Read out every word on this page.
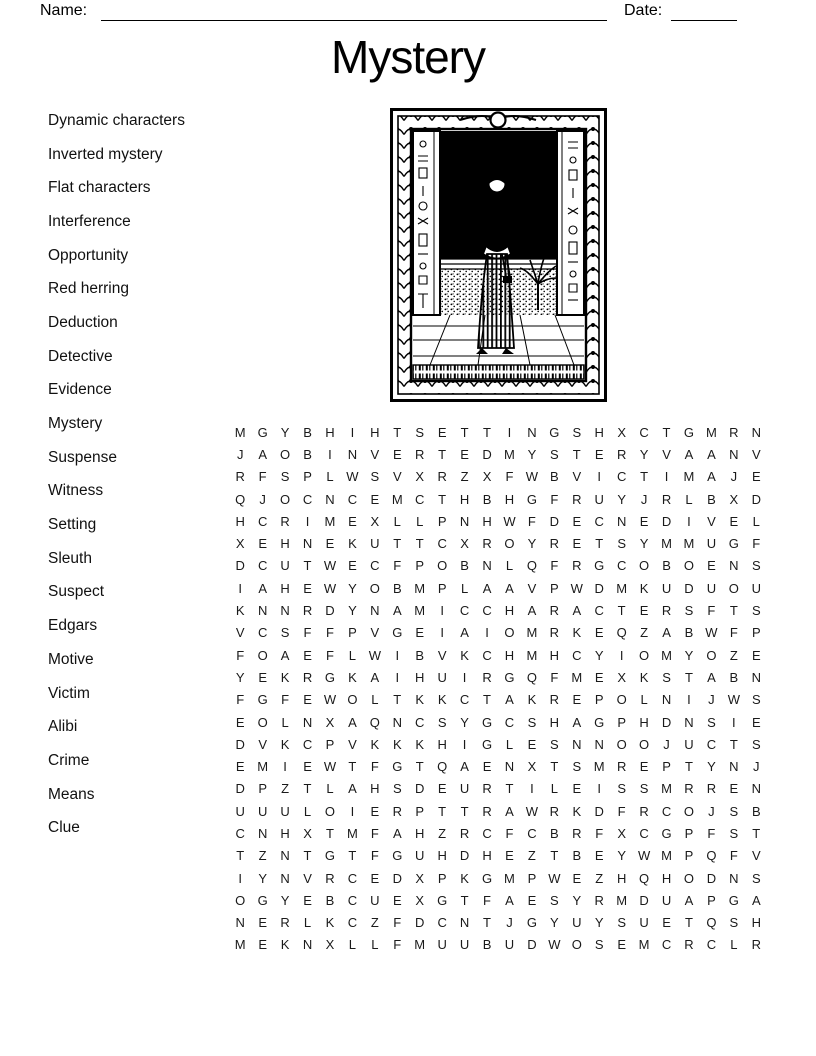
Name:	Date:
Mystery
Dynamic characters
Inverted mystery
Flat characters
Interference
Opportunity
Red herring
Deduction
Detective
Evidence
Mystery
Suspense
Witness
Setting
Sleuth
Suspect
Edgars
Motive
Victim
Alibi
Crime
Means
Clue
M G	Y	B	H	I	H	T	S	E	T	T	I	N G	S	H	X	C	T	G M R	N
J	A	O	B	I	N	V	E	R	T	E	D M Y	S	T	E	R	Y	V	A	A	N	V
R	F	S	P	L W S	V	X	R	Z	X	F W B	V	I	C	T	I	M A	J	E
Q	J	O C	N	C	E M C	T	H	B	H G	F	R	U	Y	J	R	L	B	X	D
H	C	R	I	M E	X	L	L	P	N	H W F	D	E	C	N	E	D	I	V	E	L
X	E	H	N	E	K	U	T	T	C	X	R O	Y	R	E	T	S	Y M M U G	F
D	C	U	T W E	C	F	P	O	B	N	L	Q	F	R G C O	B	O	E	N	S
I	A	H	E W Y	O	B M P	L	A	A	V	P W D M K	U	D	U O U
K	N	N	R	D	Y	N	A M	I	C	C	H	A	R	A	C	T	E	R	S	F	T	S
V	C	S	F	F	P	V	G	E	I	A	I	O M R	K	E	Q	Z	A	B W F	P
F	O	A	E	F	L W	I	B	V	K	C	H M H	C	Y	I	O M Y	O	Z	E
Y	E	K	R G	K	A	I	H	U	I	R G Q	F	M E	X	K	S	T	A	B	N
F	G	F	E W O	L	T	K	K	C	T	A	K	R	E	P	O	L	N	I	J	W S
E	O	L	N	X	A	Q N	C	S	Y	G C	S	H	A	G	P	H	D	N	S	I	E
D	V	K	C	P	V	K	K	K	H	I	G	L	E	S	N	N O O	J	U	C	T	S
E M	I	E W T	F	G	T	Q	A	E	N	X	T	S M R	E	P	T	Y	N	J
D	P	Z	T	L	A	H	S	D	E	U	R	T	I	L	E	I	S	S M R	R	E	N
U	U	U	L	O	I	E	R	P	T	T	R	A W R	K	D	F	R	C O	J	S	B
C	N	H	X	T	M	F	A	H	Z	R	C	F	C	B	R	F	X	C G	P	F	S	T
T	Z	N	T	G	T	F	G U	H	D	H	E	Z	T	B	E	Y W M P	Q	F	V
I	Y	N	V	R	C	E	D	X	P	K	G M P W E	Z	H Q H O D	N	S
O G	Y	E	B	C	U	E	X	G	T	F	A	E	S	Y	R M D	U	A	P	G	A
N	E	R	L	K	C	Z	F	D	C	N	T	J	G	Y	U	Y	S	U	E	T	Q	S	H
M E	K	N	X	L	L	F	M U	U	B	U	D W O	S	E M C	R	C	L	R
